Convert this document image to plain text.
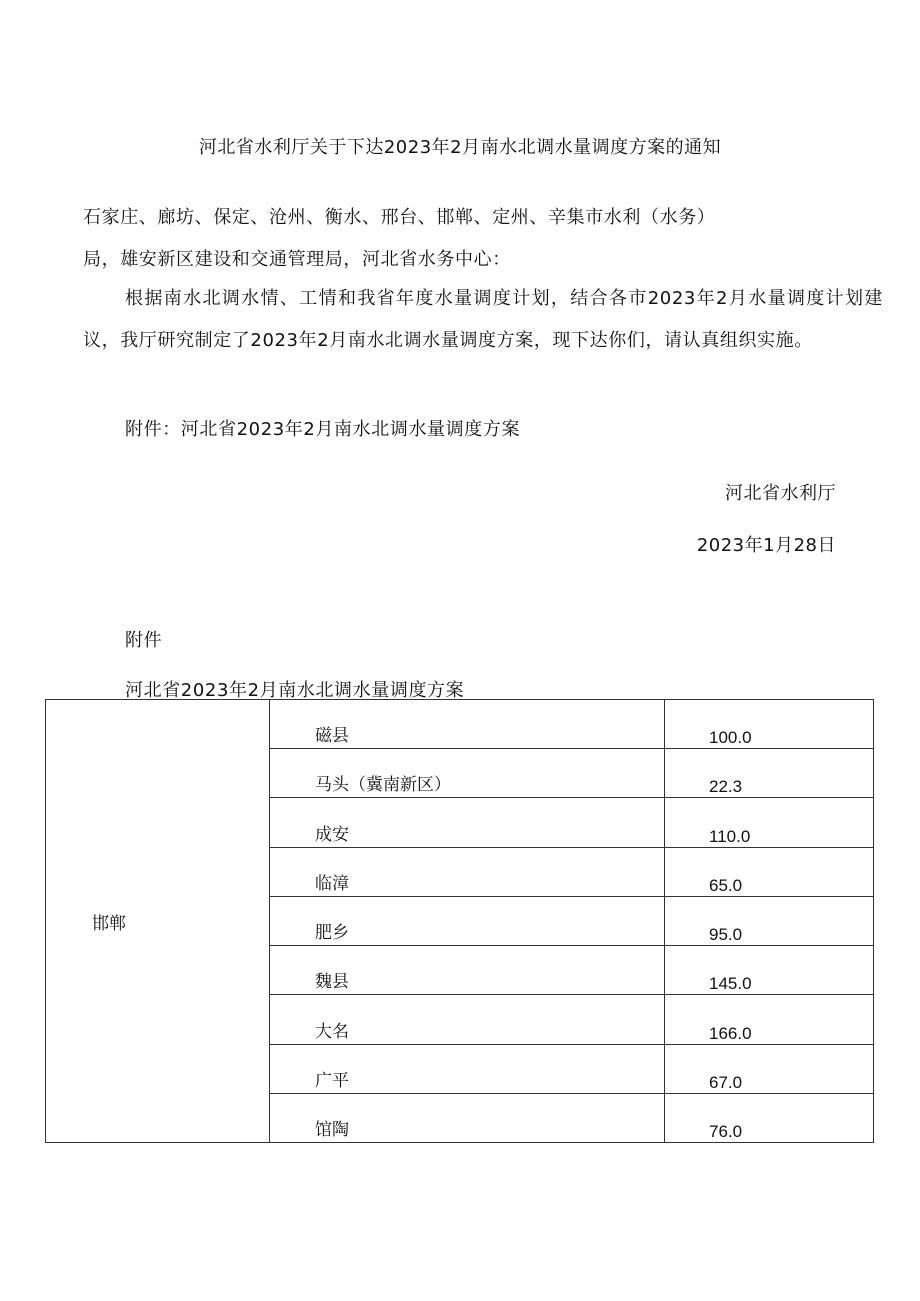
河北省水利厅关于下达2023年2月南水北调水量调度方案的通知
石家庄、廊坊、保定、沧州、衡水、邢台、邯郸、定州、辛集市水利（水务）
局，雄安新区建设和交通管理局，河北省水务中心：
根据南水北调水情、工情和我省年度水量调度计划，结合各市2023年2月水量调度计划建议，我厅研究制定了2023年2月南水北调水量调度方案，现下达你们，请认真组织实施。
附件：河北省2023年2月南水北调水量调度方案
河北省水利厅
2023年1月28日
附件
河北省2023年2月南水北调水量调度方案
邯郸	磁县	100.0
	马头（冀南新区）	22.3
	成安	110.0
	临漳	65.0
	肥乡	95.0
	魏县	145.0
	大名	166.0
	广平	67.0
	馆陶	76.0
